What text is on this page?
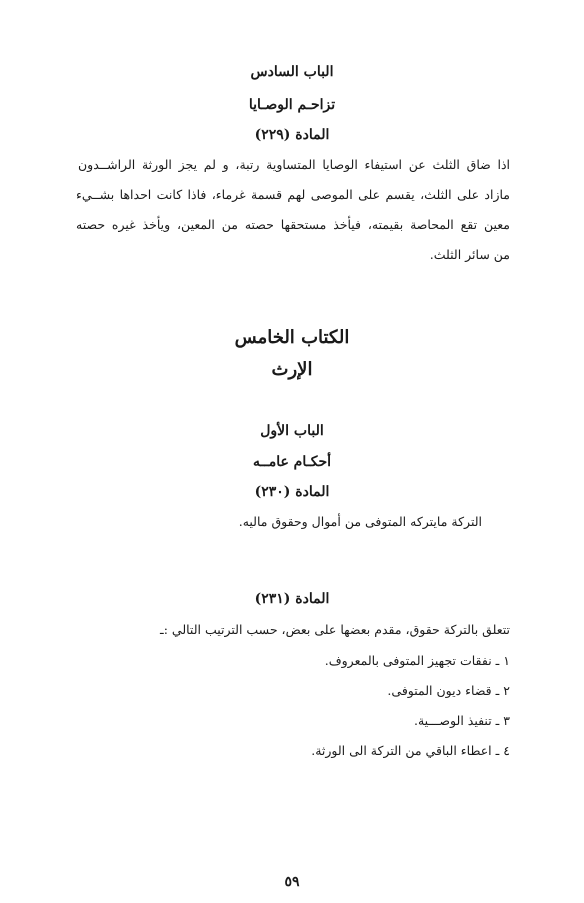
الباب السادس
تزاحـم الوصـايا
المادة (٢٢٩)
اذا ضاق الثلث عن استيفاء الوصايا المتساوية رتبة، و لم يجز الورثة الراشــدون
مازاد على الثلث، يقسم على الموصى لهم قسمة غرماء، فاذا كانت احداها بشــيء
معين تقع المحاصة بقيمته، فيأخذ مستحقها حصته من المعين، ويأخذ غيره حصته
من سائر الثلث.
الكتاب الخامس
الإرث
الباب الأول
أحكـام عامــه
المادة (٢٣٠)
التركة مايتركه المتوفى من أموال وحقوق ماليه.
المادة (٢٣١)
تتعلق بالتركة حقوق، مقدم بعضها على بعض، حسب الترتيب التالي :ـ
١ ـ نفقات تجهيز المتوفى بالمعروف.
٢ ـ قضاء ديون المتوفى.
٣ ـ تنفيذ الوصـــية.
٤ ـ اعطاء الباقي من التركة الى الورثة.
٥٩
